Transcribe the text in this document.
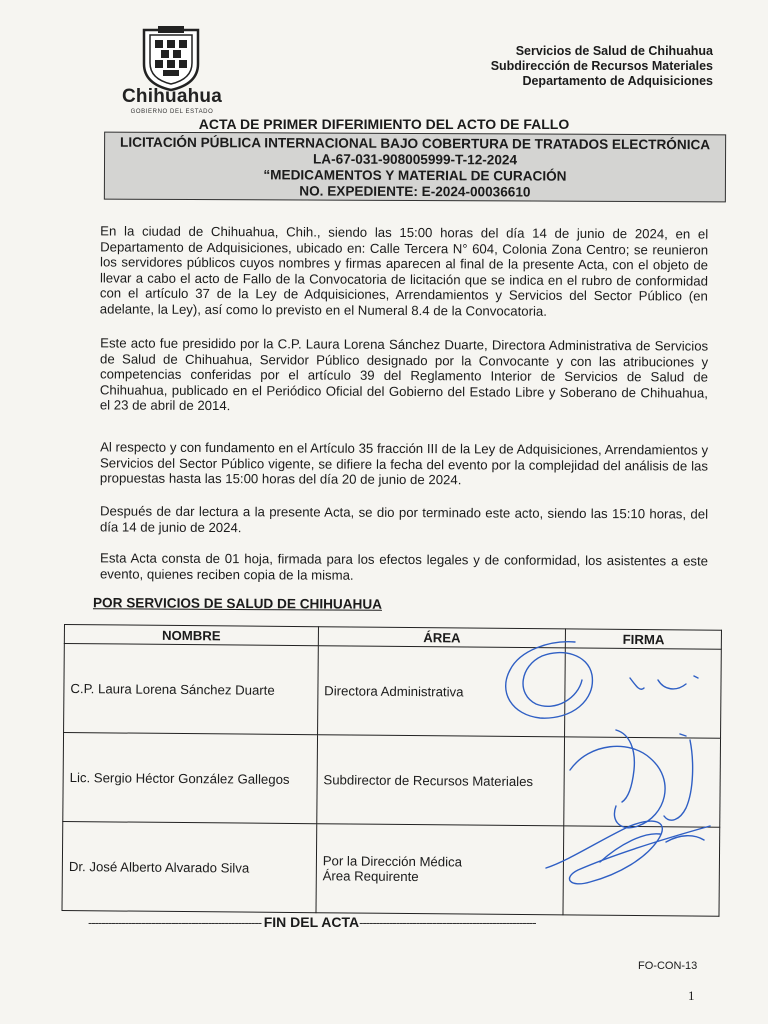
Chihuahua
GOBIERNO DEL ESTADO
Servicios de Salud de Chihuahua
Subdirección de Recursos Materiales
Departamento de Adquisiciones
ACTA DE PRIMER DIFERIMIENTO DEL ACTO DE FALLO
LICITACIÓN PÚBLICA INTERNACIONAL BAJO COBERTURA DE TRATADOS ELECTRÓNICA
LA-67-031-908005999-T-12-2024
“MEDICAMENTOS Y MATERIAL DE CURACIÓN
NO. EXPEDIENTE: E-2024-00036610
En la ciudad de Chihuahua, Chih., siendo las 15:00 horas del día 14 de junio de 2024, en el Departamento de Adquisiciones, ubicado en: Calle Tercera N° 604, Colonia Zona Centro; se reunieron los servidores públicos cuyos nombres y firmas aparecen al final de la presente Acta, con el objeto de llevar a cabo el acto de Fallo de la Convocatoria de licitación que se indica en el rubro de conformidad con el artículo 37 de la Ley de Adquisiciones, Arrendamientos y Servicios del Sector Público (en adelante, la Ley), así como lo previsto en el Numeral 8.4 de la Convocatoria.
Este acto fue presidido por la C.P. Laura Lorena Sánchez Duarte, Directora Administrativa de Servicios de Salud de Chihuahua, Servidor Público designado por la Convocante y con las atribuciones y competencias conferidas por el artículo 39 del Reglamento Interior de Servicios de Salud de Chihuahua, publicado en el Periódico Oficial del Gobierno del Estado Libre y Soberano de Chihuahua, el 23 de abril de 2014.
Al respecto y con fundamento en el Artículo 35 fracción III de la Ley de Adquisiciones, Arrendamientos y Servicios del Sector Público vigente, se difiere la fecha del evento por la complejidad del análisis de las propuestas hasta las 15:00 horas del día 20 de junio de 2024.
Después de dar lectura a la presente Acta, se dio por terminado este acto, siendo las 15:10 horas, del día 14 de junio de 2024.
Esta Acta consta de 01 hoja, firmada para los efectos legales y de conformidad, los asistentes a este evento, quienes reciben copia de la misma.
POR SERVICIOS DE SALUD DE CHIHUAHUA
NOMBRE	ÁREA	FIRMA
C.P. Laura Lorena Sánchez Duarte	Directora Administrativa	
Lic. Sergio Héctor González Gallegos	Subdirector de Recursos Materiales	
Dr. José Alberto Alvarado Silva	Por la Dirección Médica
Área Requirente	

---------------------------------------------------- FIN DEL ACTA-----------------------------------------------------
FO-CON-13
1
